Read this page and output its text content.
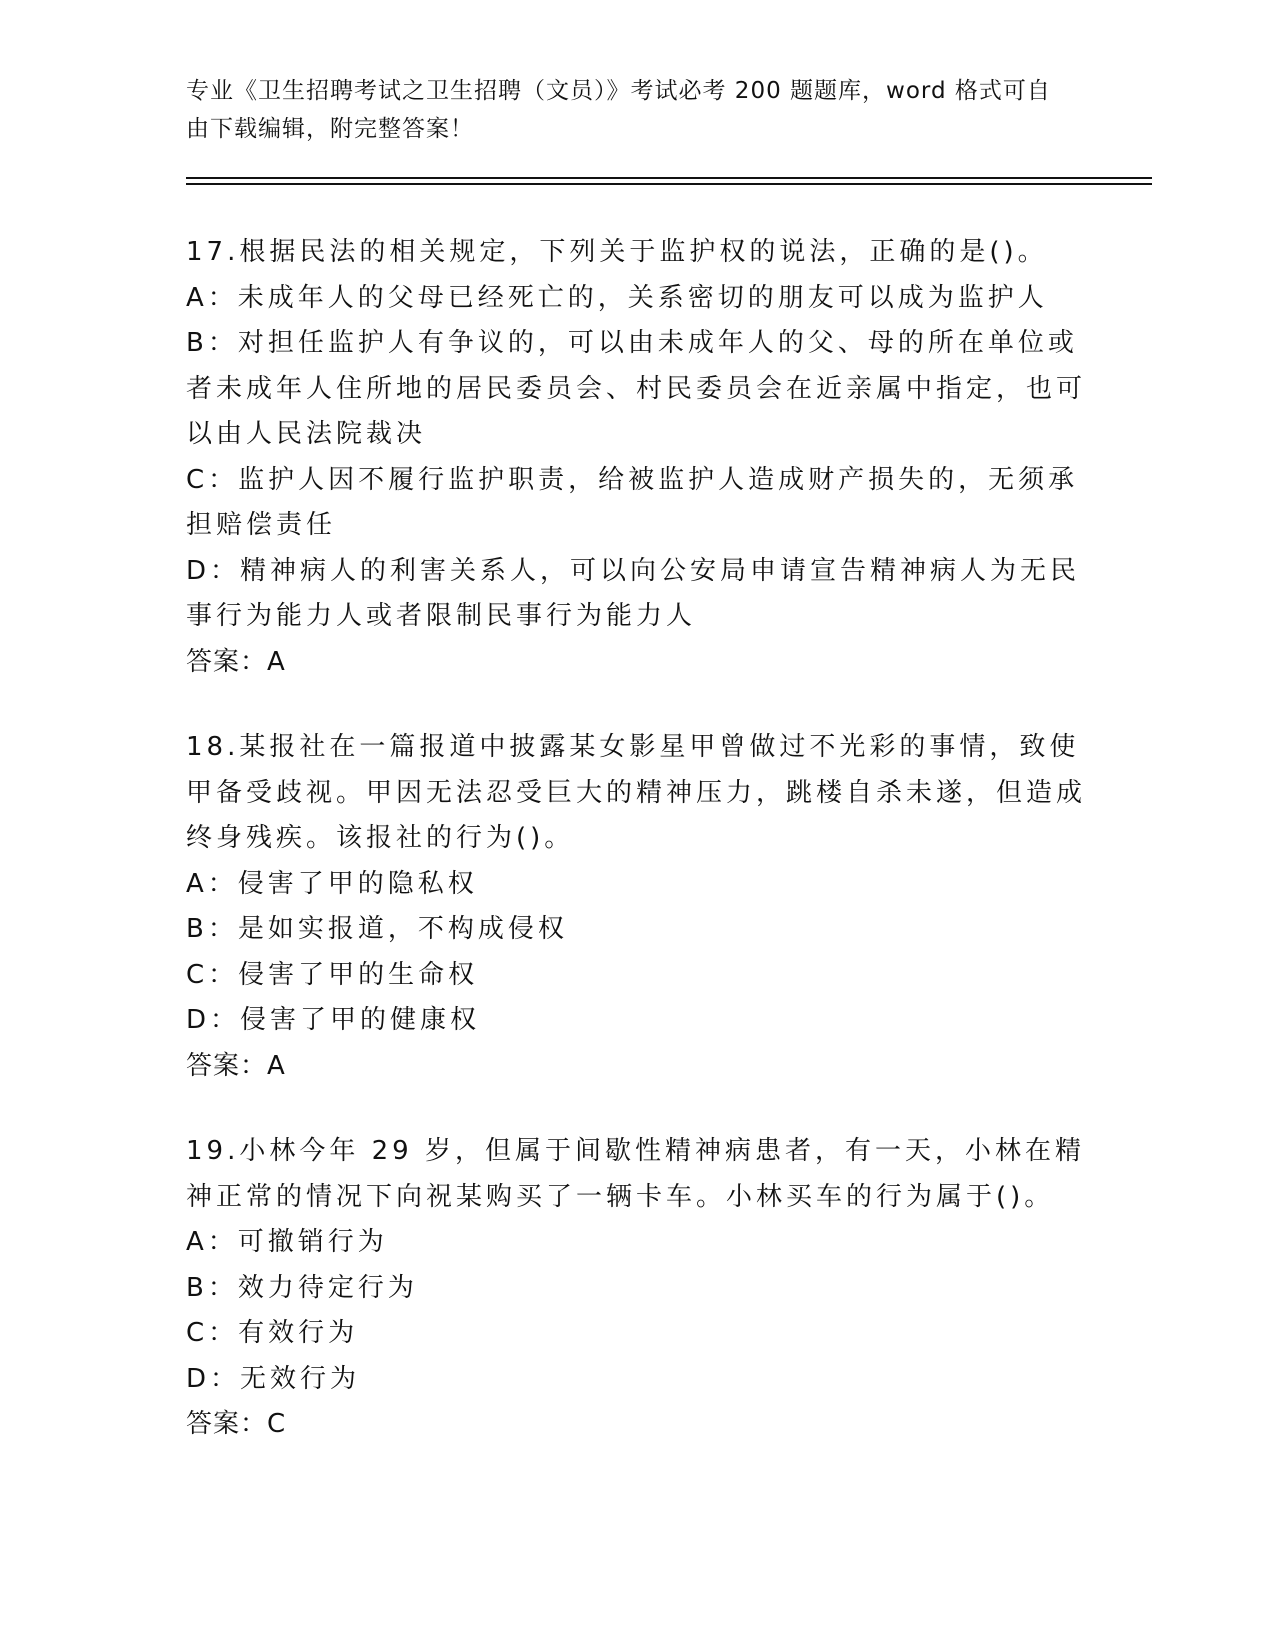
专业《卫生招聘考试之卫生招聘（文员）》考试必考 200 题题库，word 格式可自由下载编辑，附完整答案！

17.根据民法的相关规定，下列关于监护权的说法，正确的是()。

A：未成年人的父母已经死亡的，关系密切的朋友可以成为监护人

B：对担任监护人有争议的，可以由未成年人的父、母的所在单位或者未成年人住所地的居民委员会、村民委员会在近亲属中指定，也可以由人民法院裁决

C：监护人因不履行监护职责，给被监护人造成财产损失的，无须承担赔偿责任

D：精神病人的利害关系人，可以向公安局申请宣告精神病人为无民事行为能力人或者限制民事行为能力人

答案：A

18.某报社在一篇报道中披露某女影星甲曾做过不光彩的事情，致使甲备受歧视。甲因无法忍受巨大的精神压力，跳楼自杀未遂，但造成终身残疾。该报社的行为()。

A：侵害了甲的隐私权

B：是如实报道，不构成侵权

C：侵害了甲的生命权

D：侵害了甲的健康权

答案：A

19.小林今年 29 岁，但属于间歇性精神病患者，有一天，小林在精神正常的情况下向祝某购买了一辆卡车。小林买车的行为属于()。

A：可撤销行为

B：效力待定行为

C：有效行为

D：无效行为

答案：C
